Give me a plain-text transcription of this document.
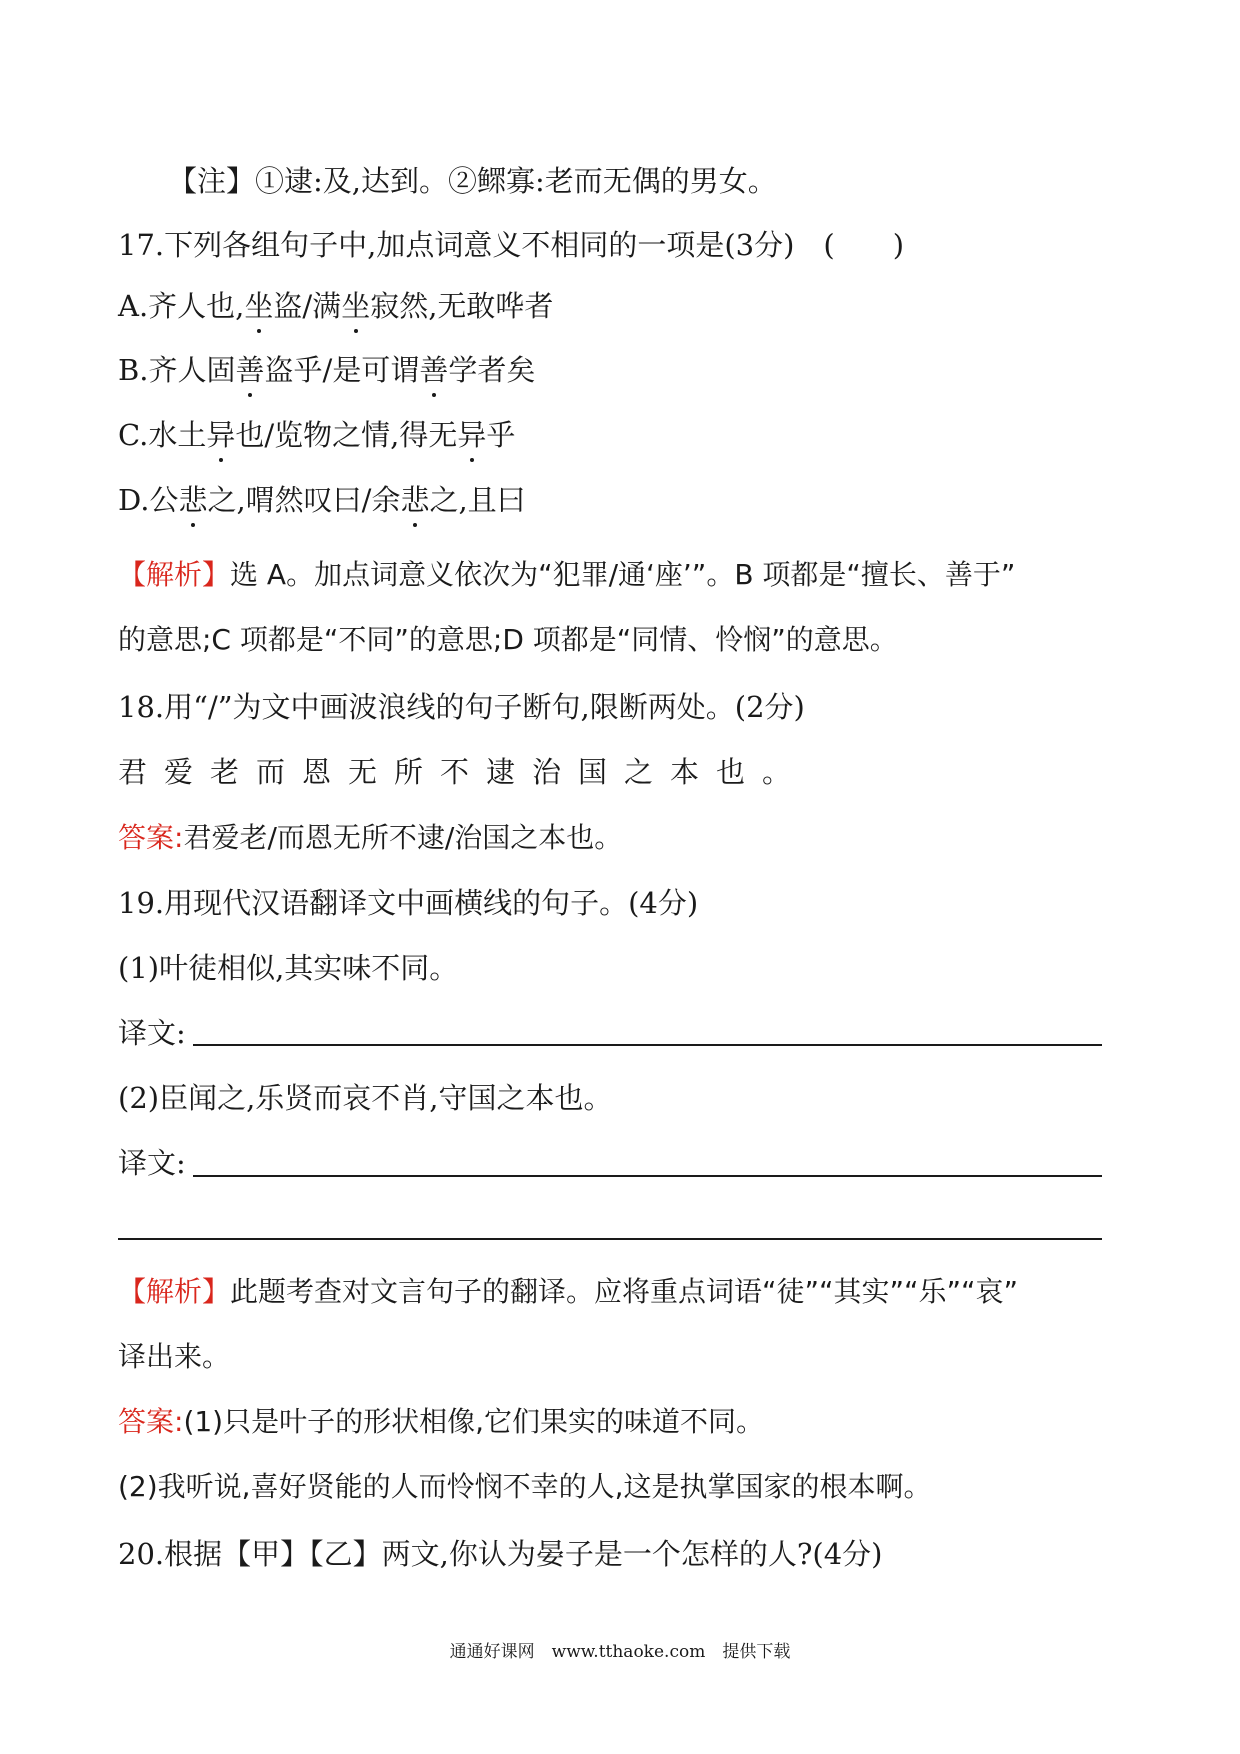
【注】①逮:及,达到。②鳏寡:老而无偶的男女。
17.下列各组句子中,加点词意义不相同的一项是(3分)　(　　)
A.齐人也,坐盗/满坐寂然,无敢哗者
B.齐人固善盗乎/是可谓善学者矣
C.水土异也/览物之情,得无异乎
D.公悲之,喟然叹曰/余悲之,且曰
【解析】选 A。加点词意义依次为“犯罪/通‘座’”。B 项都是“擅长、善于”
的意思;C 项都是“不同”的意思;D 项都是“同情、怜悯”的意思。
18.用“/”为文中画波浪线的句子断句,限断两处。(2分)
君爱老而恩无所不逮治国之本也。
答案:君爱老/而恩无所不逮/治国之本也。
19.用现代汉语翻译文中画横线的句子。(4分)
(1)叶徒相似,其实味不同。
译文:
(2)臣闻之,乐贤而哀不肖,守国之本也。
译文:
【解析】此题考查对文言句子的翻译。应将重点词语“徒”“其实”“乐”“哀”
译出来。
答案:(1)只是叶子的形状相像,它们果实的味道不同。
(2)我听说,喜好贤能的人而怜悯不幸的人,这是执掌国家的根本啊。
20.根据【甲】【乙】两文,你认为晏子是一个怎样的人?(4分)
通通好课网　www.tthaoke.com　提供下载
